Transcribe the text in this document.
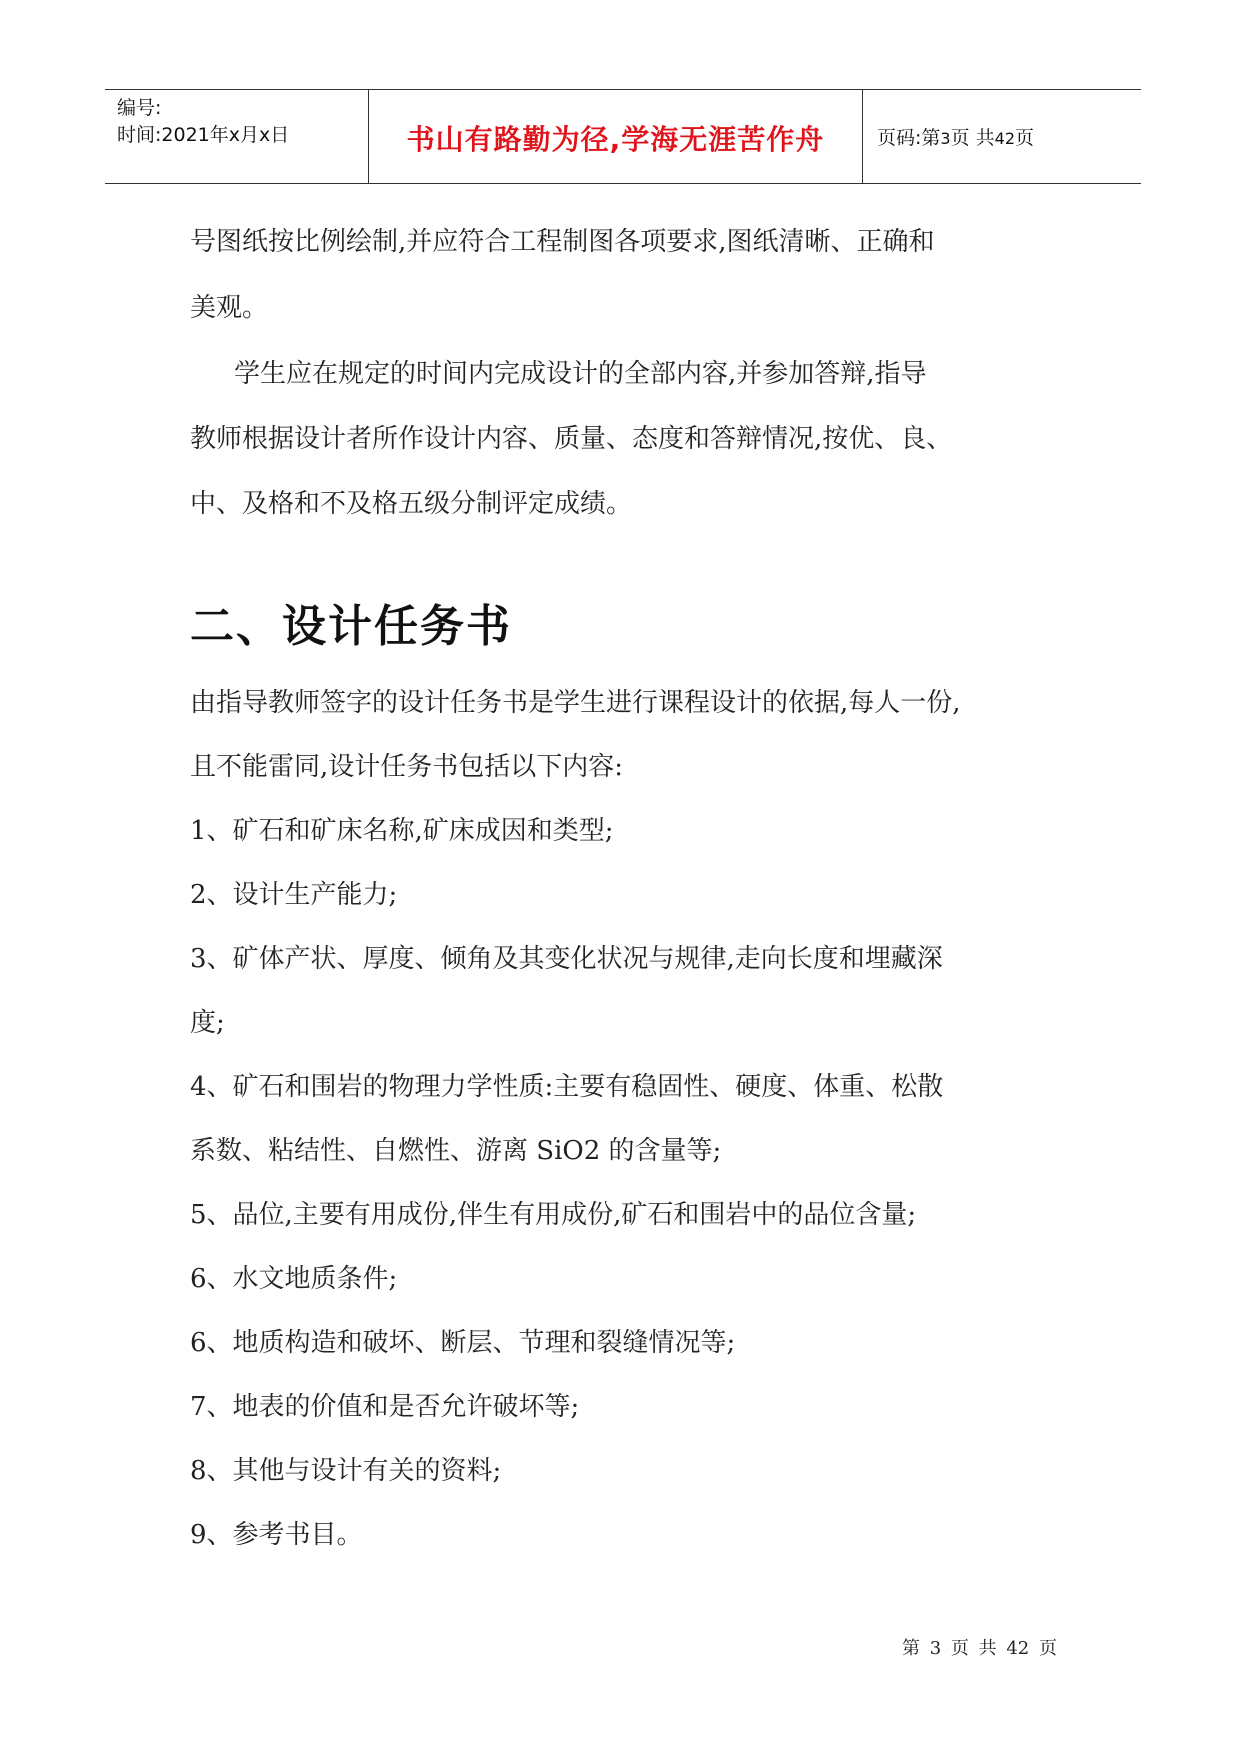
编号:
时间:2021年x月x日	书山有路勤为径,学海无涯苦作舟	页码:第3页 共42页
号图纸按比例绘制,并应符合工程制图各项要求,图纸清晰、正确和
美观。
学生应在规定的时间内完成设计的全部内容,并参加答辩,指导
教师根据设计者所作设计内容、质量、态度和答辩情况,按优、良、
中、及格和不及格五级分制评定成绩。
二、设计任务书
由指导教师签字的设计任务书是学生进行课程设计的依据,每人一份,
且不能雷同,设计任务书包括以下内容:
1、矿石和矿床名称,矿床成因和类型;
2、设计生产能力;
3、矿体产状、厚度、倾角及其变化状况与规律,走向长度和埋藏深
度;
4、矿石和围岩的物理力学性质:主要有稳固性、硬度、体重、松散
系数、粘结性、自燃性、游离 SiO2 的含量等;
5、品位,主要有用成份,伴生有用成份,矿石和围岩中的品位含量;
6、水文地质条件;
6、地质构造和破坏、断层、节理和裂缝情况等;
7、地表的价值和是否允许破坏等;
8、其他与设计有关的资料;
9、参考书目。
第 3 页 共 42 页
